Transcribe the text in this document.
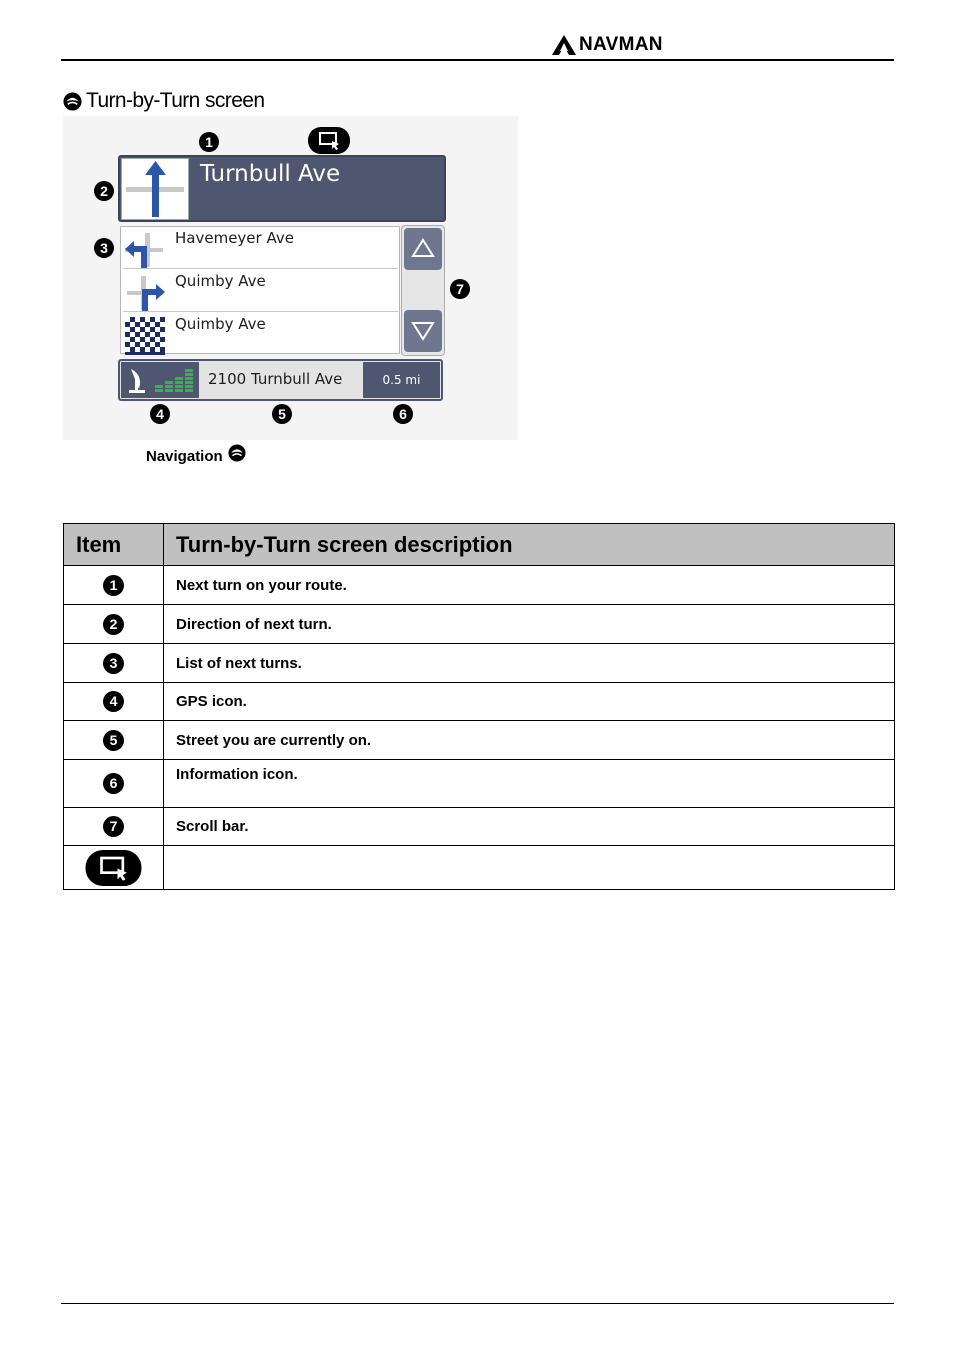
NAVMAN
Turn-by-Turn screen
1
2
3
7
4	5	6
Turnbull Ave
Havemeyer Ave
Quimby Ave
Quimby Ave
2100 Turnbull Ave	0.5 mi
Navigation
Item	Turn-by-Turn screen description
1	Next turn on your route.
2	Direction of next turn.
3	List of next turns.
4	GPS icon.
5	Street you are currently on.
6	Information icon.
7	Scroll bar.
